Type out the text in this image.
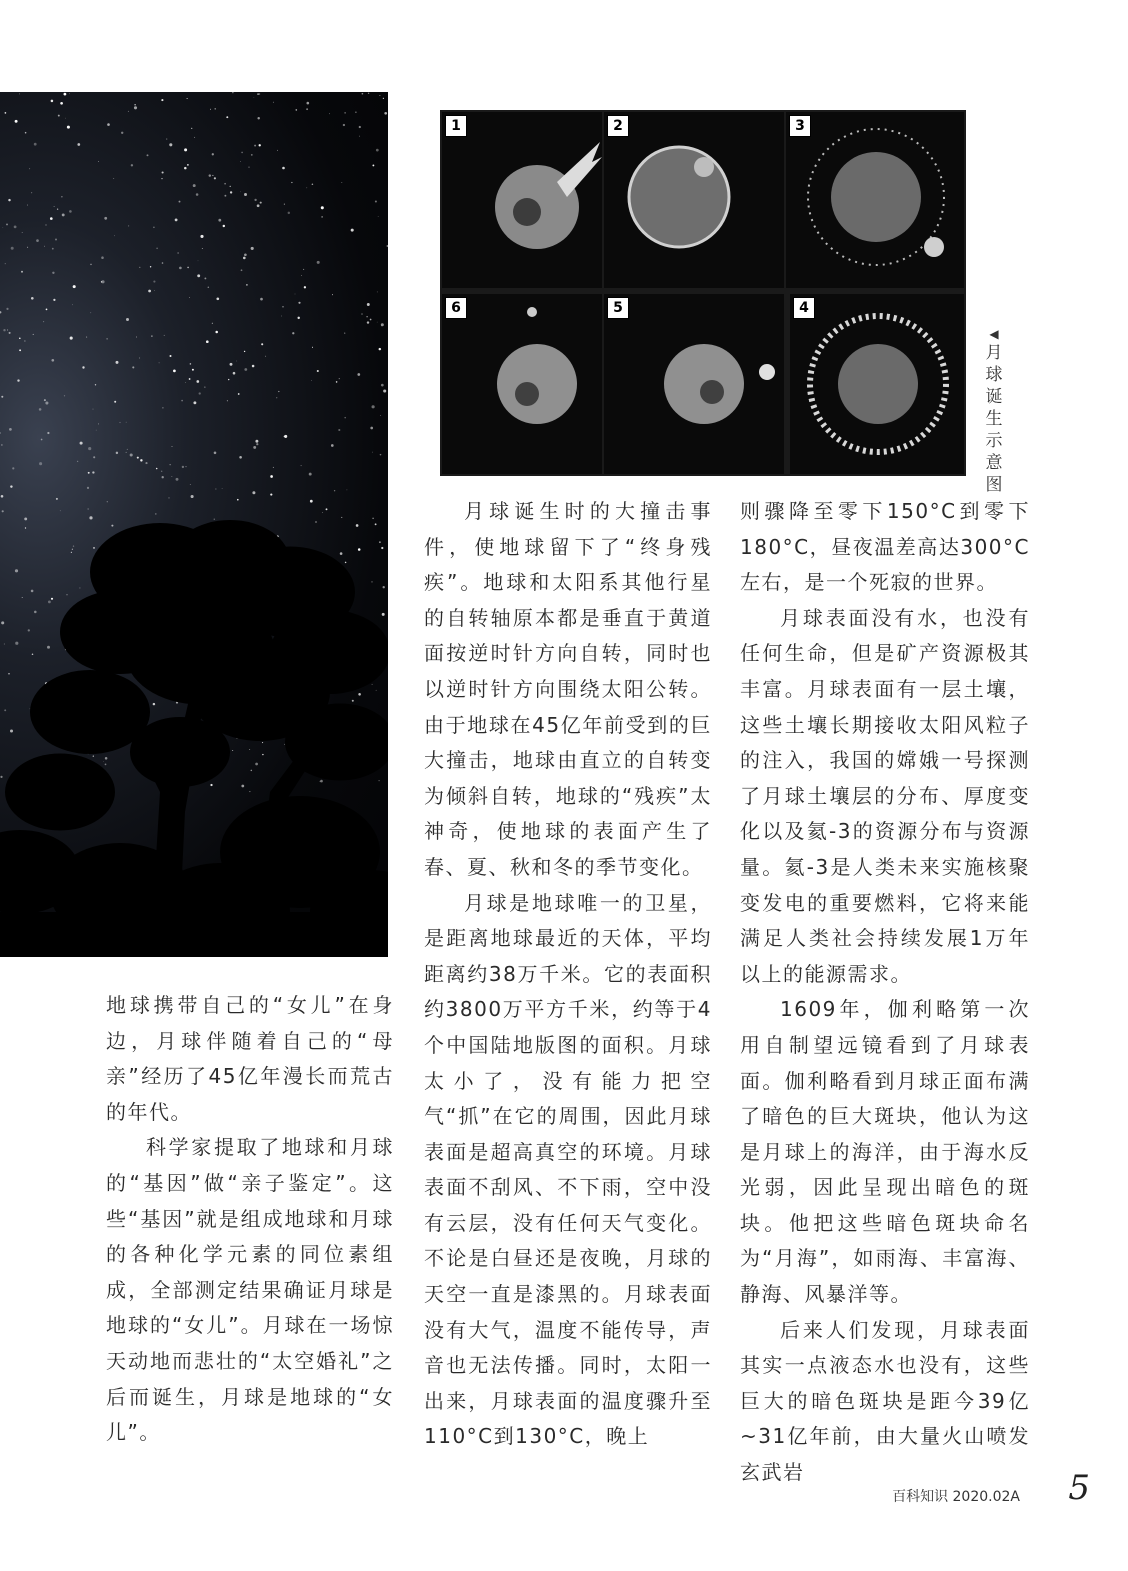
1	2	3
6	5	4
◀
月球诞生示意图

地球携带自己的“女儿”在身边，月球伴随着自己的“母亲”经历了45亿年漫长而荒古的年代。

科学家提取了地球和月球的“基因”做“亲子鉴定”。这些“基因”就是组成地球和月球的各种化学元素的同位素组成，全部测定结果确证月球是地球的“女儿”。月球在一场惊天动地而悲壮的“太空婚礼”之后而诞生，月球是地球的“女儿”。

月球诞生时的大撞击事件，使地球留下了“终身残疾”。地球和太阳系其他行星的自转轴原本都是垂直于黄道面按逆时针方向自转，同时也以逆时针方向围绕太阳公转。由于地球在45亿年前受到的巨大撞击，地球由直立的自转变为倾斜自转，地球的“残疾”太神奇，使地球的表面产生了春、夏、秋和冬的季节变化。

月球是地球唯一的卫星，是距离地球最近的天体，平均距离约38万千米。它的表面积约3800万平方千米，约等于4个中国陆地版图的面积。月球太小了，没有能力把空气“抓”在它的周围，因此月球表面是超高真空的环境。月球表面不刮风、不下雨，空中没有云层，没有任何天气变化。不论是白昼还是夜晚，月球的天空一直是漆黑的。月球表面没有大气，温度不能传导，声音也无法传播。同时，太阳一出来，月球表面的温度骤升至110°C到130°C，晚上

则骤降至零下150°C到零下180°C，昼夜温差高达300°C左右，是一个死寂的世界。

月球表面没有水，也没有任何生命，但是矿产资源极其丰富。月球表面有一层土壤，这些土壤长期接收太阳风粒子的注入，我国的嫦娥一号探测了月球土壤层的分布、厚度变化以及氦-3的资源分布与资源量。氦-3是人类未来实施核聚变发电的重要燃料，它将来能满足人类社会持续发展1万年以上的能源需求。

1609年，伽利略第一次用自制望远镜看到了月球表面。伽利略看到月球正面布满了暗色的巨大斑块，他认为这是月球上的海洋，由于海水反光弱，因此呈现出暗色的斑块。他把这些暗色斑块命名为“月海”，如雨海、丰富海、静海、风暴洋等。

后来人们发现，月球表面其实一点液态水也没有，这些巨大的暗色斑块是距今39亿~31亿年前，由大量火山喷发玄武岩

百科知识 2020.02A 5
